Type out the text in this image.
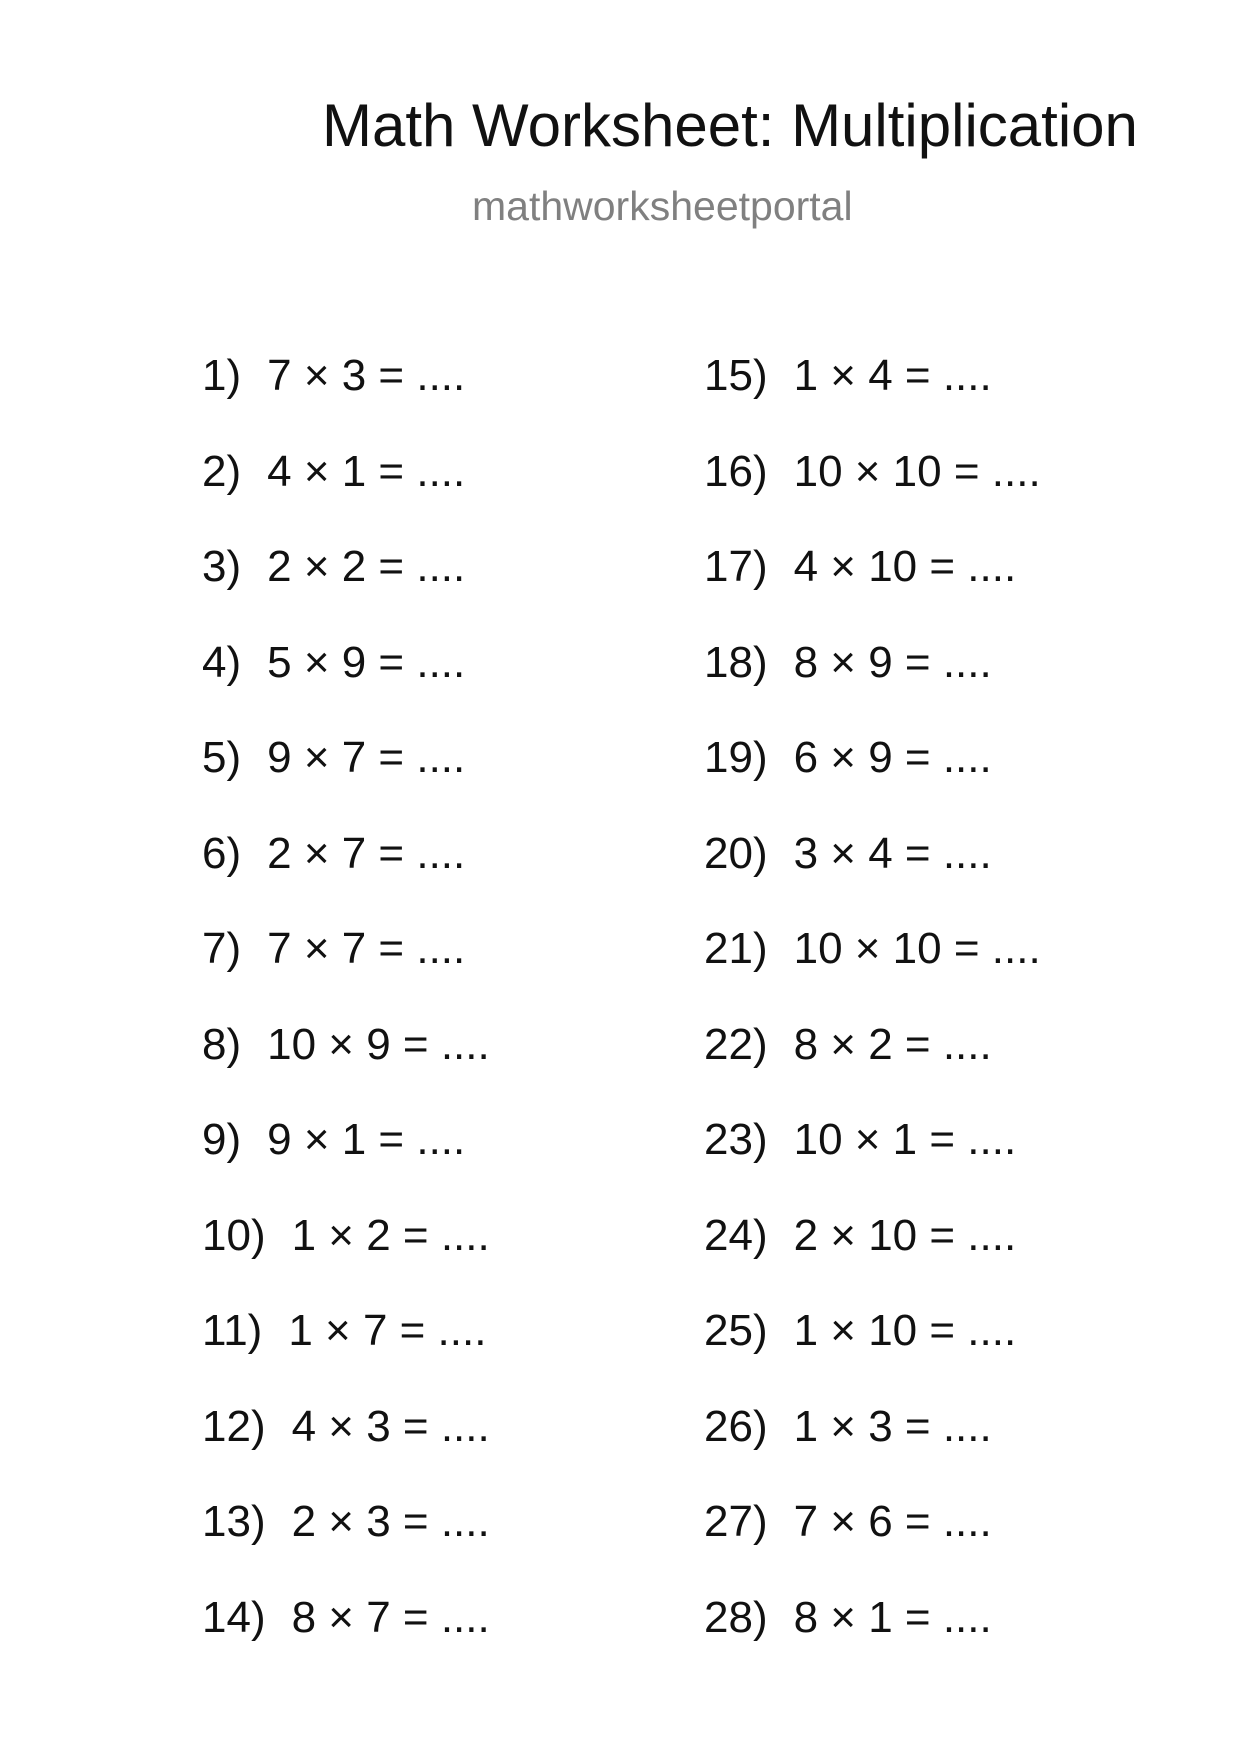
Math Worksheet: Multiplication
mathworksheetportal
1) 7 × 3 = ....
2) 4 × 1 = ....
3) 2 × 2 = ....
4) 5 × 9 = ....
5) 9 × 7 = ....
6) 2 × 7 = ....
7) 7 × 7 = ....
8) 10 × 9 = ....
9) 9 × 1 = ....
10) 1 × 2 = ....
11) 1 × 7 = ....
12) 4 × 3 = ....
13) 2 × 3 = ....
14) 8 × 7 = ....
15) 1 × 4 = ....
16) 10 × 10 = ....
17) 4 × 10 = ....
18) 8 × 9 = ....
19) 6 × 9 = ....
20) 3 × 4 = ....
21) 10 × 10 = ....
22) 8 × 2 = ....
23) 10 × 1 = ....
24) 2 × 10 = ....
25) 1 × 10 = ....
26) 1 × 3 = ....
27) 7 × 6 = ....
28) 8 × 1 = ....
